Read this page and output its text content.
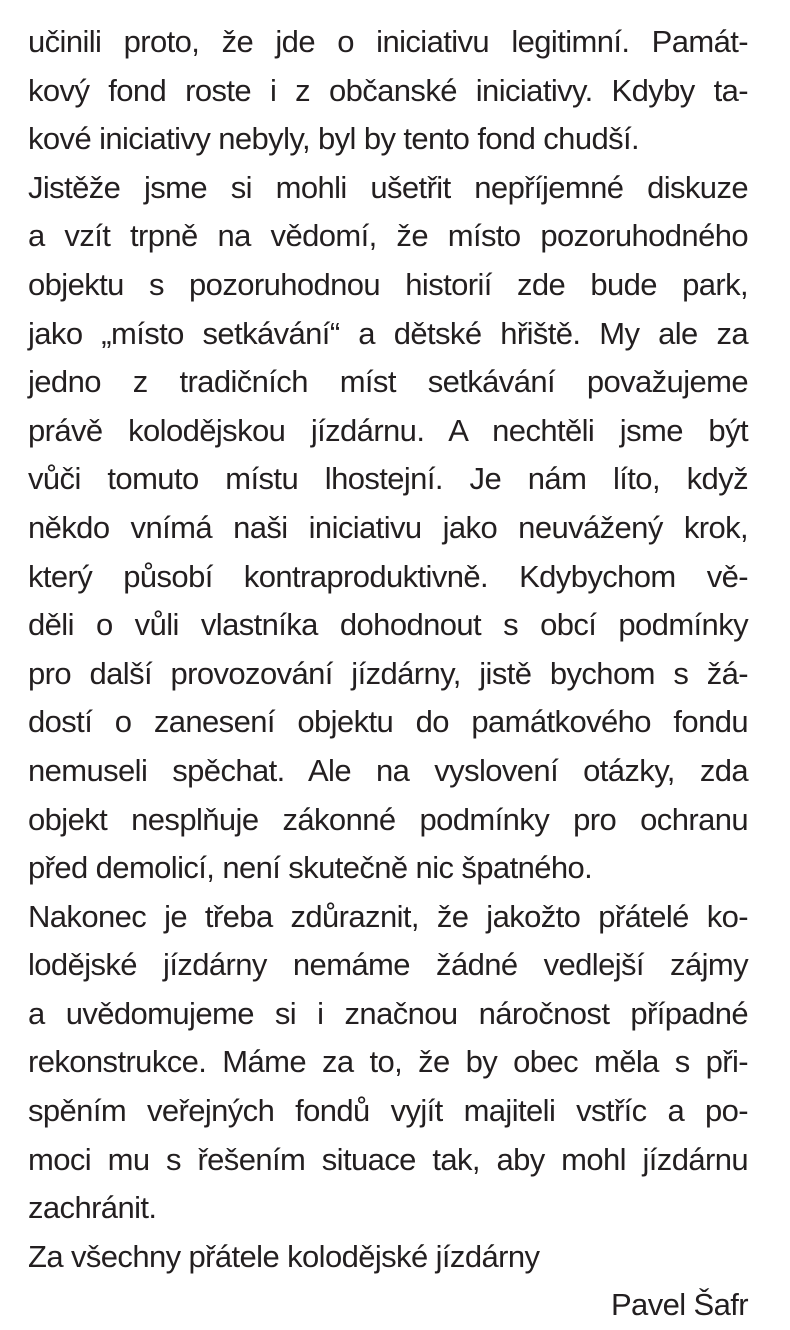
učinili proto, že jde o iniciativu legitimní. Památ-
kový fond roste i z občanské iniciativy. Kdyby ta-
kové iniciativy nebyly, byl by tento fond chudší.
Jistěže jsme si mohli ušetřit nepříjemné diskuze
a vzít trpně na vědomí, že místo pozoruhodného
objektu s pozoruhodnou historií zde bude park,
jako „místo setkávání“ a dětské hřiště. My ale za
jedno z tradičních míst setkávání považujeme
právě kolodějskou jízdárnu. A nechtěli jsme být
vůči tomuto místu lhostejní. Je nám líto, když
někdo vnímá naši iniciativu jako neuvážený krok,
který působí kontraproduktivně. Kdybychom vě-
děli o vůli vlastníka dohodnout s obcí podmínky
pro další provozování jízdárny, jistě bychom s žá-
dostí o zanesení objektu do památkového fondu
nemuseli spěchat. Ale na vyslovení otázky, zda
objekt nesplňuje zákonné podmínky pro ochranu
před demolicí, není skutečně nic špatného.
Nakonec je třeba zdůraznit, že jakožto přátelé ko-
lodějské jízdárny nemáme žádné vedlejší zájmy
a uvědomujeme si i značnou náročnost případné
rekonstrukce. Máme za to, že by obec měla s při-
spěním veřejných fondů vyjít majiteli vstříc a po-
moci mu s řešením situace tak, aby mohl jízdárnu
zachránit.
Za všechny přátele kolodějské jízdárny
Pavel Šafr
